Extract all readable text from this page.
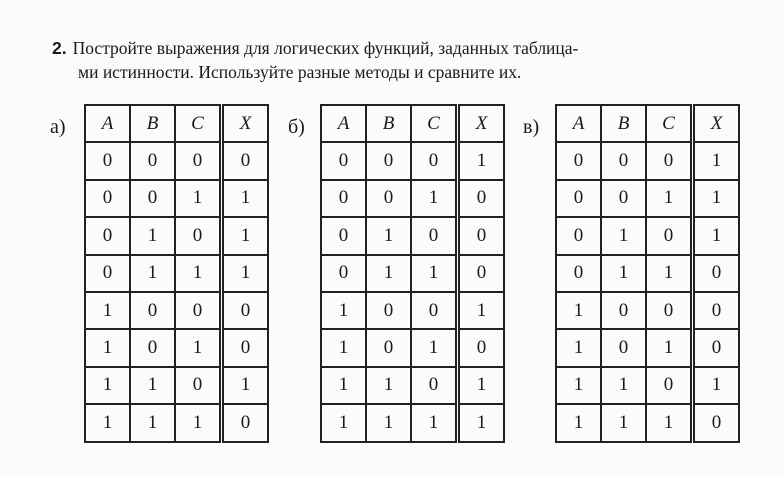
2. Постройте выражения для логических функций, заданных таблица-
ми истинности. Используйте разные методы и сравните их.
а)	б)	в)
A	B	C	X
0	0	0	0
0	0	1	1
0	1	0	1
0	1	1	1
1	0	0	0
1	0	1	0
1	1	0	1
1	1	1	0
A	B	C	X
0	0	0	1
0	0	1	0
0	1	0	0
0	1	1	0
1	0	0	1
1	0	1	0
1	1	0	1
1	1	1	1
A	B	C	X
0	0	0	1
0	0	1	1
0	1	0	1
0	1	1	0
1	0	0	0
1	0	1	0
1	1	0	1
1	1	1	0
